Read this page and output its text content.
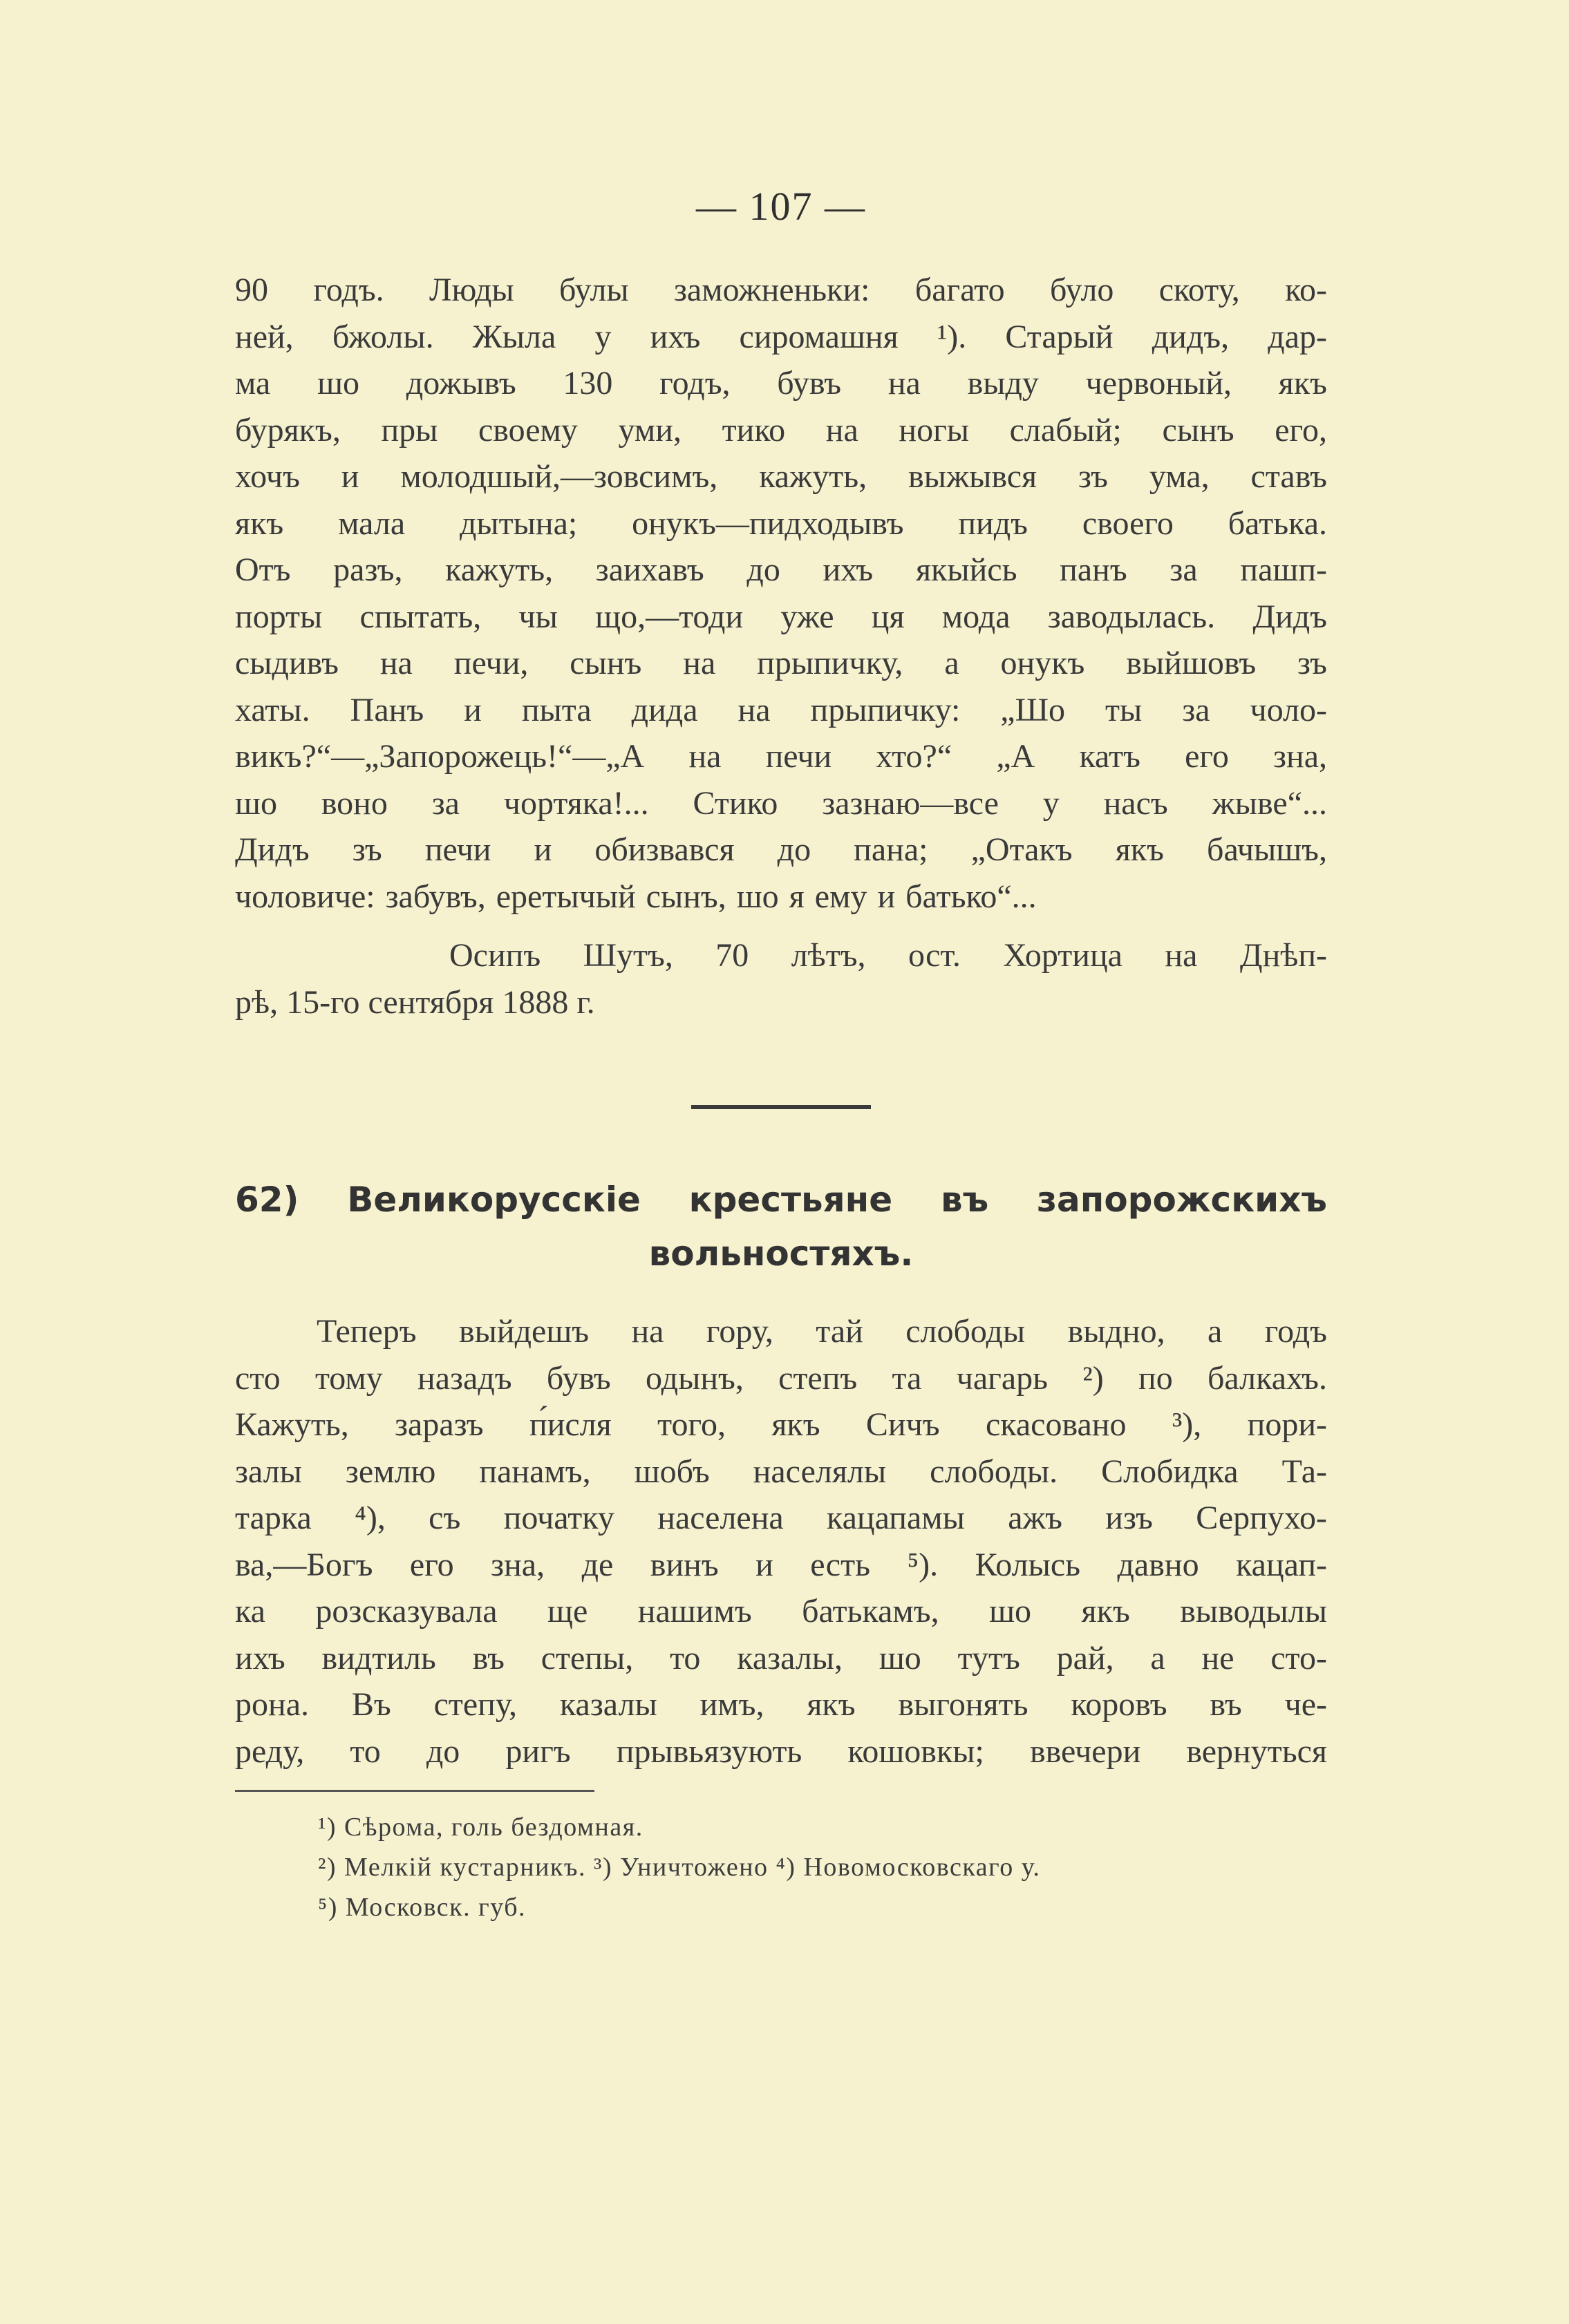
— 107 —
90 годъ. Люды булы заможненьки: багато було скоту, ко-
ней, бжолы. Жыла у ихъ сиромашня ¹). Старый дидъ, дар-
ма шо дожывъ 130 годъ, бувъ на выду червоный, якъ
бурякъ, пры своему уми, тико на ногы слабый; сынъ его,
хочъ и молодшый,—зовсимъ, кажуть, выжывся зъ ума, ставъ
якъ мала дытына; онукъ—пидходывъ пидъ своего батька.
Отъ разъ, кажуть, заихавъ до ихъ якыйсь панъ за пашп-
порты спытать, чы що,—тоди уже ця мода заводылась. Дидъ
сыдивъ на печи, сынъ на прыпичку, а онукъ выйшовъ зъ
хаты. Панъ и пыта дида на прыпичку: „Шо ты за чоло-
викъ?“—„Запорожець!“—„А на печи хто?“ „А катъ его зна,
шо воно за чортяка!... Стико зазнаю—все у насъ жыве“...
Дидъ зъ печи и обизвався до пана; „Отакъ якъ бачышъ,
чоловиче: забувъ, еретычый сынъ, шо я ему и батько“...
Осипъ Шутъ, 70 лѣтъ, ост. Хортица на Днѣп-
рѣ, 15-го сентября 1888 г.
62) Великорусскіе крестьяне въ запорожскихъ
вольностяхъ.
Теперъ выйдешъ на гору, тай слободы выдно, а годъ
сто тому назадъ бувъ одынъ, степъ та чагарь ²) по балкахъ.
Кажуть, заразъ п́исля того, якъ Сичъ скасовано ³), пори-
залы землю панамъ, шобъ населялы слободы. Слобидка Та-
тарка ⁴), съ початку населена кацапамы ажъ изъ Серпухо-
ва,—Богъ его зна, де винъ и есть ⁵). Колысь давно кацап-
ка розсказувала ще нашимъ батькамъ, шо якъ выводылы
ихъ видтиль въ степы, то казалы, шо тутъ рай, а не сто-
рона. Въ степу, казалы имъ, якъ выгонять коровъ въ че-
реду, то до ригъ прывьязують кошовкы; ввечери вернуться
¹) Сѣрома, голь бездомная.
²) Мелкій кустарникъ. ³) Уничтожено ⁴) Новомосковскаго у.
⁵) Московск. губ.
